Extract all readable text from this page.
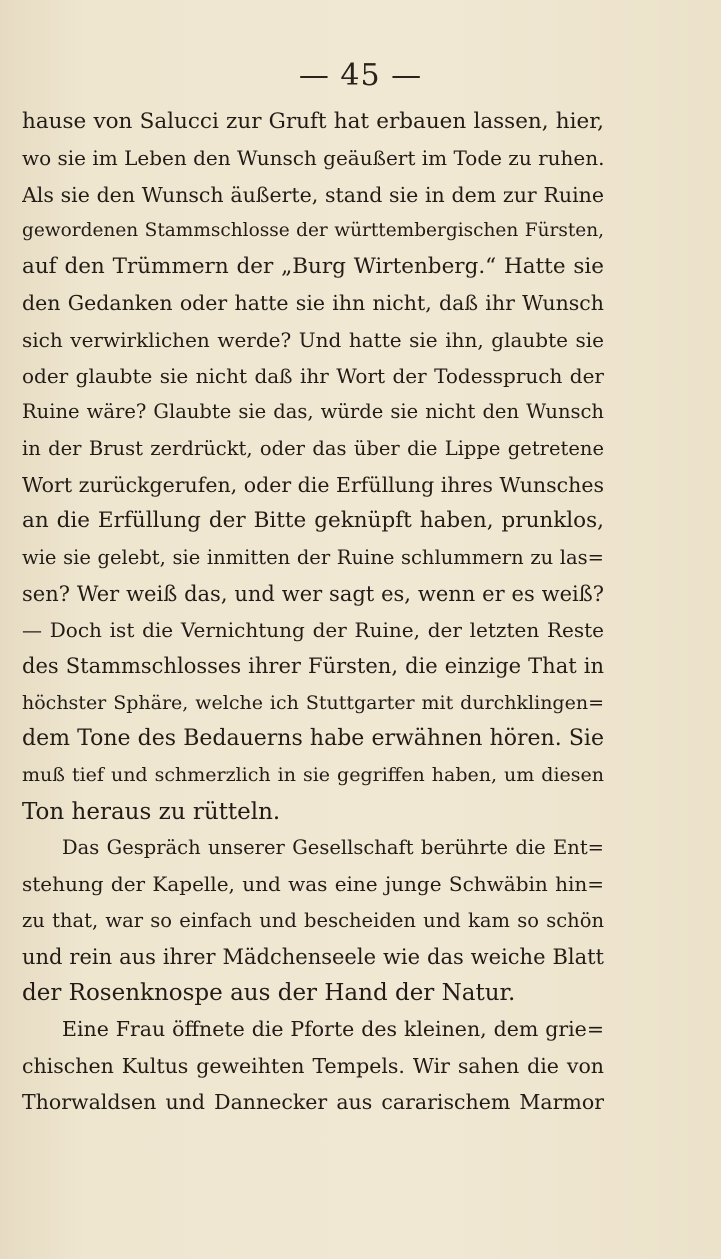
— 45 —
hause von Salucci zur Gruft hat erbauen lassen, hier,
wo sie im Leben den Wunsch geäußert im Tode zu ruhen.
Als sie den Wunsch äußerte, stand sie in dem zur Ruine
gewordenen Stammschlosse der württembergischen Fürsten,
auf den Trümmern der „Burg Wirtenberg.“ Hatte sie
den Gedanken oder hatte sie ihn nicht, daß ihr Wunsch
sich verwirklichen werde? Und hatte sie ihn, glaubte sie
oder glaubte sie nicht daß ihr Wort der Todesspruch der
Ruine wäre? Glaubte sie das, würde sie nicht den Wunsch
in der Brust zerdrückt, oder das über die Lippe getretene
Wort zurückgerufen, oder die Erfüllung ihres Wunsches
an die Erfüllung der Bitte geknüpft haben, prunklos,
wie sie gelebt, sie inmitten der Ruine schlummern zu las=
sen? Wer weiß das, und wer sagt es, wenn er es weiß?
— Doch ist die Vernichtung der Ruine, der letzten Reste
des Stammschlosses ihrer Fürsten, die einzige That in
höchster Sphäre, welche ich Stuttgarter mit durchklingen=
dem Tone des Bedauerns habe erwähnen hören. Sie
muß tief und schmerzlich in sie gegriffen haben, um diesen
Ton heraus zu rütteln.
Das Gespräch unserer Gesellschaft berührte die Ent=
stehung der Kapelle, und was eine junge Schwäbin hin=
zu that, war so einfach und bescheiden und kam so schön
und rein aus ihrer Mädchenseele wie das weiche Blatt
der Rosenknospe aus der Hand der Natur.
Eine Frau öffnete die Pforte des kleinen, dem grie=
chischen Kultus geweihten Tempels. Wir sahen die von
Thorwaldsen und Dannecker aus cararischem Marmor
